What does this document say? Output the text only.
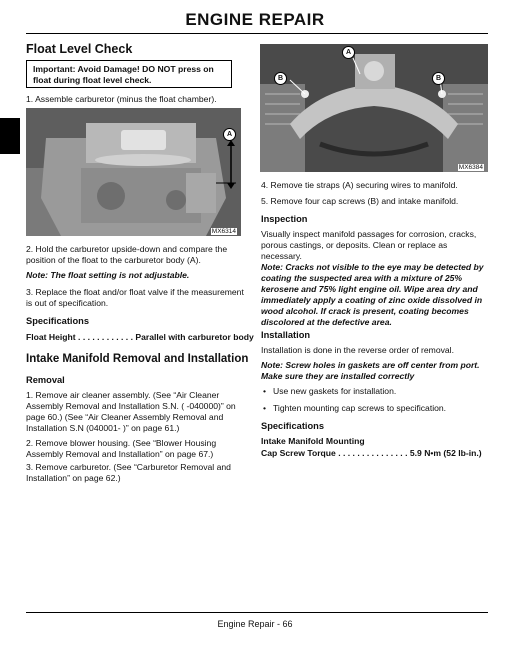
ENGINE REPAIR
Float Level Check
Important: Avoid Damage! DO NOT press on float during float level check.
1. Assemble carburetor (minus the float chamber).
A
MX6314
2. Hold the carburetor upside-down and compare the position of the float to the carburetor body (A).
Note: The float setting is not adjustable.
3. Replace the float and/or float valve if the measurement is out of specification.
Specifications
Float Height . . . . . . . . . . . . Parallel with carburetor body
Intake Manifold Removal and Installation
Removal
1. Remove air cleaner assembly. (See “Air Cleaner Assembly Removal and Installation S.N. ( -040000)” on page 60.) (See “Air Cleaner Assembly Removal and Installation S.N (040001- )” on page 61.)
2. Remove blower housing. (See “Blower Housing Assembly Removal and Installation” on page 67.)
3. Remove carburetor. (See “Carburetor Removal and Installation” on page 62.)
A
B	B
MX6384
4. Remove tie straps (A) securing wires to manifold.
5. Remove four cap screws (B) and intake manifold.
Inspection
Visually inspect manifold passages for corrosion, cracks, porous castings, or deposits. Clean or replace as necessary.
Note: Cracks not visible to the eye may be detected by coating the suspected area with a mixture of 25% kerosene and 75% light engine oil. Wipe area dry and immediately apply a coating of zinc oxide dissolved in wood alcohol. If crack is present, coating becomes discolored at the defective area.
Installation
Installation is done in the reverse order of removal.
Note: Screw holes in gaskets are off center from port. Make sure they are installed correctly
• Use new gaskets for installation.
• Tighten mounting cap screws to specification.
Specifications
Intake Manifold Mounting
Cap Screw Torque . . . . . . . . . . . . . . . 5.9 N•m (52 lb-in.)
Engine Repair - 66
